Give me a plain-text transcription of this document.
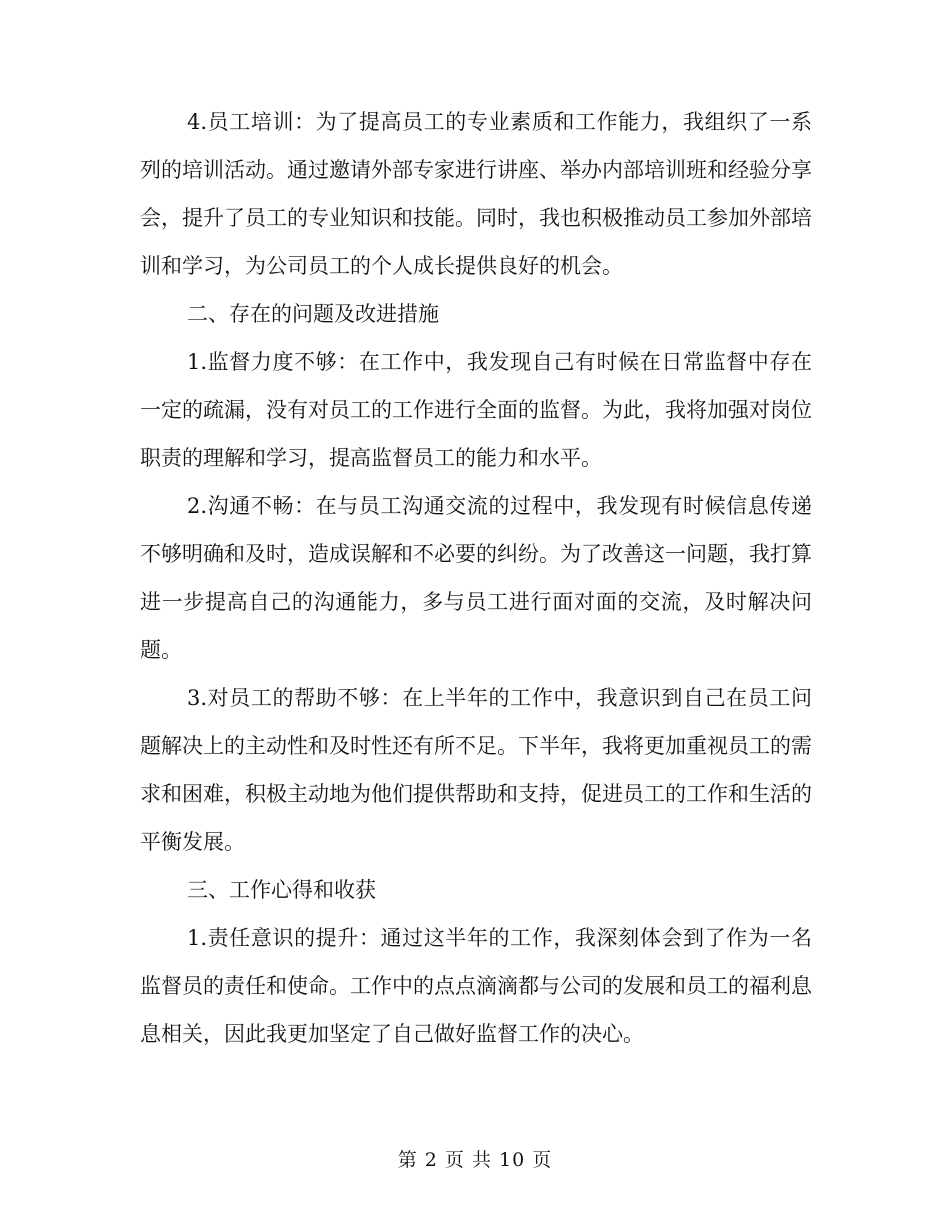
4.员工培训：为了提高员工的专业素质和工作能力，我组织了一系列的培训活动。通过邀请外部专家进行讲座、举办内部培训班和经验分享会，提升了员工的专业知识和技能。同时，我也积极推动员工参加外部培训和学习，为公司员工的个人成长提供良好的机会。

二、存在的问题及改进措施

1.监督力度不够：在工作中，我发现自己有时候在日常监督中存在一定的疏漏，没有对员工的工作进行全面的监督。为此，我将加强对岗位职责的理解和学习，提高监督员工的能力和水平。

2.沟通不畅：在与员工沟通交流的过程中，我发现有时候信息传递不够明确和及时，造成误解和不必要的纠纷。为了改善这一问题，我打算进一步提高自己的沟通能力，多与员工进行面对面的交流，及时解决问题。

3.对员工的帮助不够：在上半年的工作中，我意识到自己在员工问题解决上的主动性和及时性还有所不足。下半年，我将更加重视员工的需求和困难，积极主动地为他们提供帮助和支持，促进员工的工作和生活的平衡发展。

三、工作心得和收获

1.责任意识的提升：通过这半年的工作，我深刻体会到了作为一名监督员的责任和使命。工作中的点点滴滴都与公司的发展和员工的福利息息相关，因此我更加坚定了自己做好监督工作的决心。

第 2 页 共 10 页
